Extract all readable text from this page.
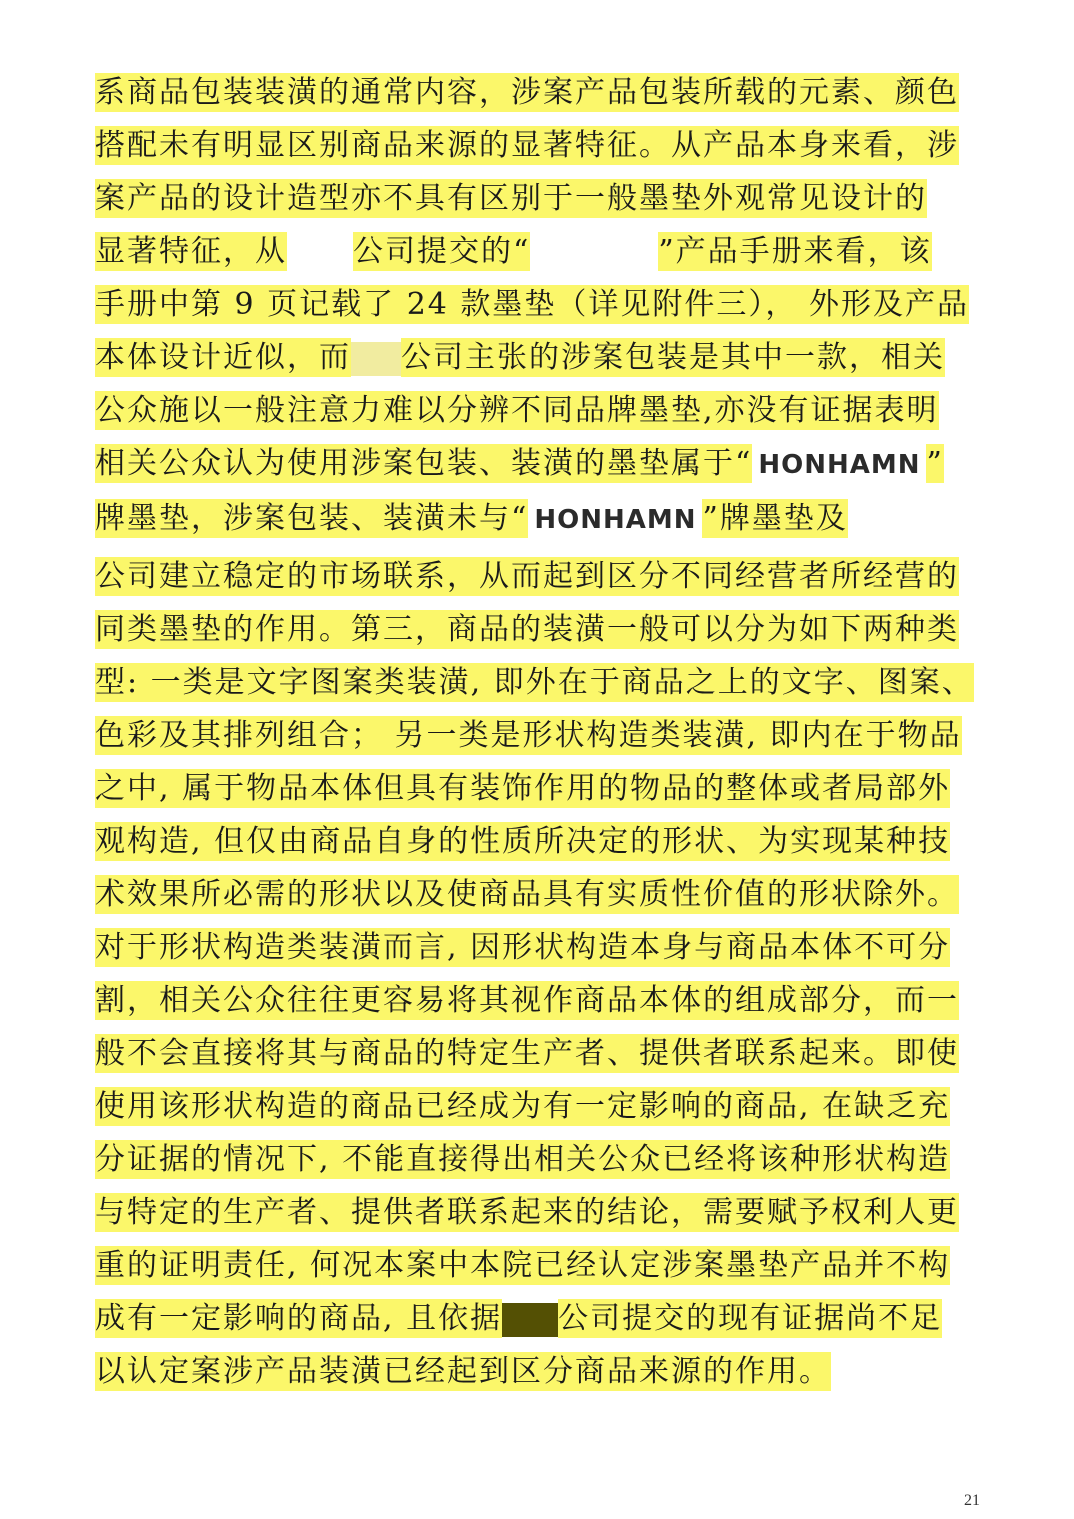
系商品包装装潢的通常内容，涉案产品包装所载的元素、颜色
搭配未有明显区别商品来源的显著特征。从产品本身来看，涉
案产品的设计造型亦不具有区别于一般墨垫外观常见设计的
显著特征，从 公司提交的“	”产品手册来看，该
手册中第 9 页记载了 24 款墨垫（详见附件三）， 外形及产品
本体设计近似，而 公司主张的涉案包装是其中一款，相关
公众施以一般注意力难以分辨不同品牌墨垫,亦没有证据表明
相关公众认为使用涉案包装、装潢的墨垫属于“ HONHAMN ”
牌墨垫，涉案包装、装潢未与“ HONHAMN ”牌墨垫及
公司建立稳定的市场联系，从而起到区分不同经营者所经营的
同类墨垫的作用。第三，商品的装潢一般可以分为如下两种类
型: 一类是文字图案类装潢, 即外在于商品之上的文字、图案、
色彩及其排列组合； 另一类是形状构造类装潢, 即内在于物品
之中, 属于物品本体但具有装饰作用的物品的整体或者局部外
观构造, 但仅由商品自身的性质所决定的形状、为实现某种技
术效果所必需的形状以及使商品具有实质性价值的形状除外。
对于形状构造类装潢而言, 因形状构造本身与商品本体不可分
割，相关公众往往更容易将其视作商品本体的组成部分，而一
般不会直接将其与商品的特定生产者、提供者联系起来。即使
使用该形状构造的商品已经成为有一定影响的商品, 在缺乏充
分证据的情况下, 不能直接得出相关公众已经将该种形状构造
与特定的生产者、提供者联系起来的结论，需要赋予权利人更
重的证明责任, 何况本案中本院已经认定涉案墨垫产品并不构
成有一定影响的商品, 且依据 公司提交的现有证据尚不足
以认定案涉产品装潢已经起到区分商品来源的作用。
21
